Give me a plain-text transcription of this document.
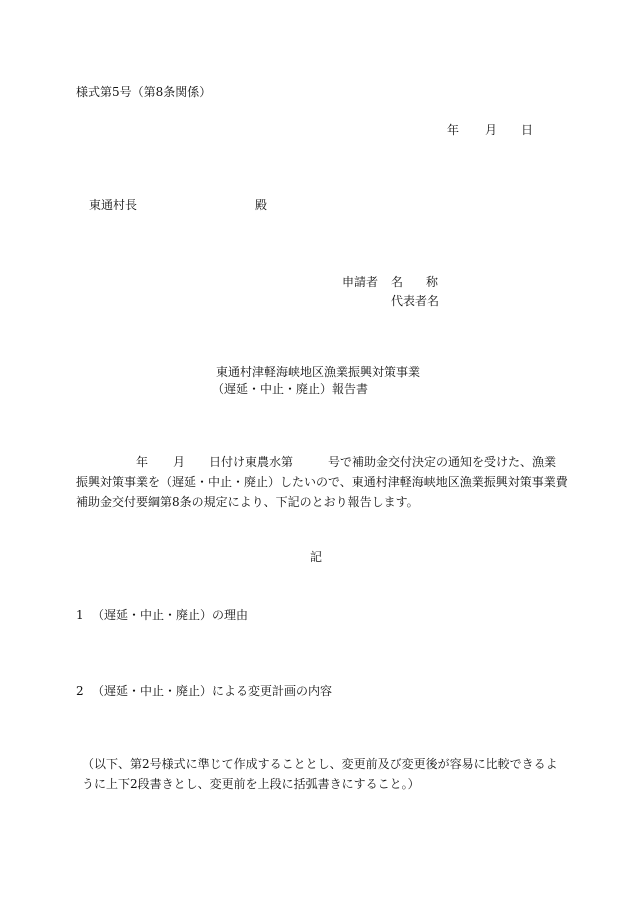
様式第5号（第8条関係）
年 月 日
東通村長	殿
申請者 名 称
代表者名
東通村津軽海峡地区漁業振興対策事業
（遅延・中止・廃止）報告書
年 月 日付け東農水第	号で補助金交付決定の通知を受けた、漁業
振興対策事業を（遅延・中止・廃止）したいので、東通村津軽海峡地区漁業振興対策事業費
補助金交付要綱第8条の規定により、下記のとおり報告します。
記
1 （遅延・中止・廃止）の理由
2 （遅延・中止・廃止）による変更計画の内容
（以下、第2号様式に準じて作成することとし、変更前及び変更後が容易に比較できるよ
うに上下2段書きとし、変更前を上段に括弧書きにすること。）
